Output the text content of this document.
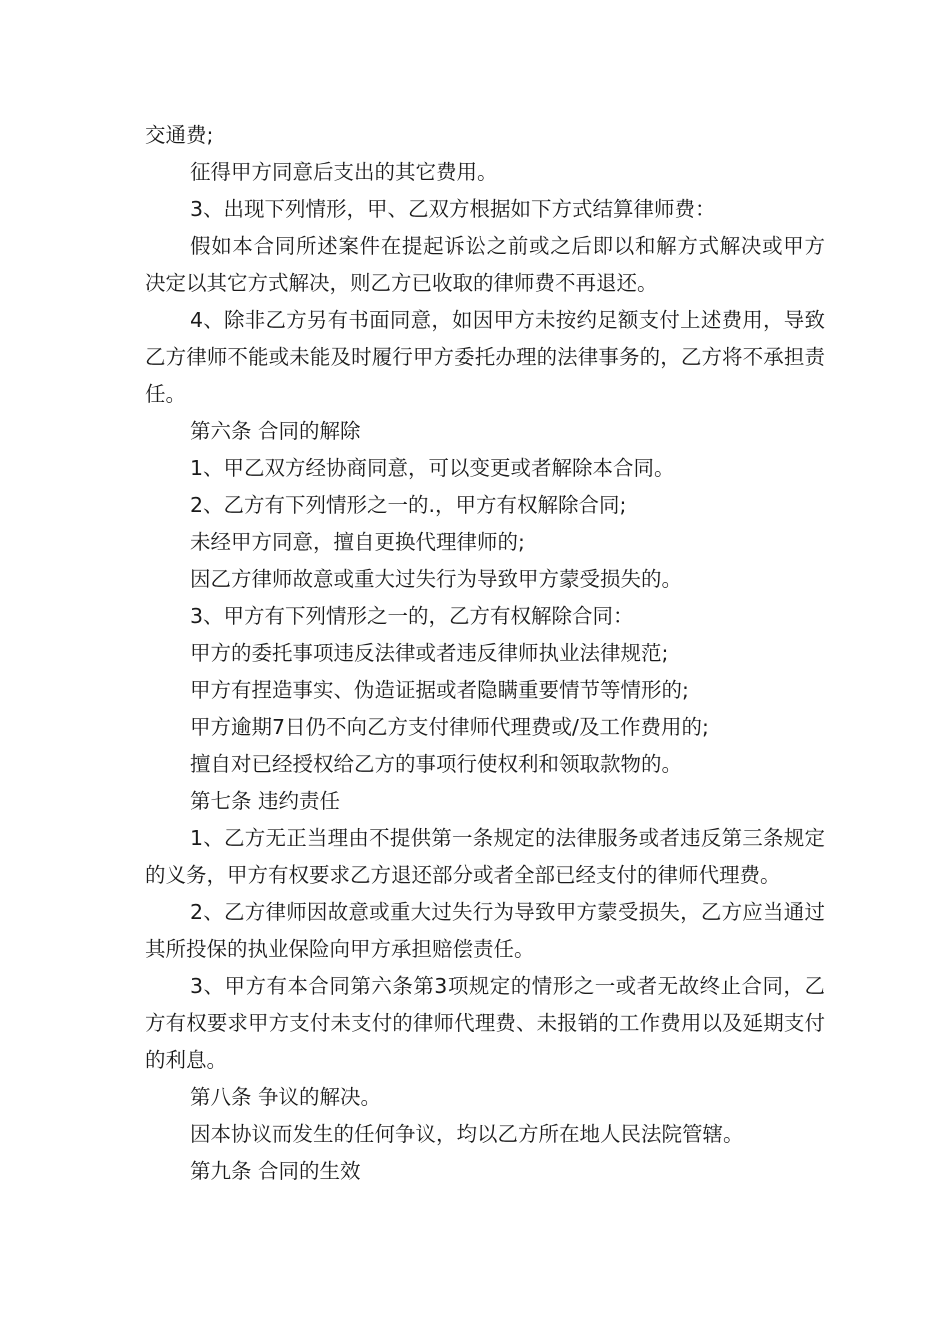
交通费;

征得甲方同意后支出的其它费用。

3、出现下列情形，甲、乙双方根据如下方式结算律师费：

假如本合同所述案件在提起诉讼之前或之后即以和解方式解决或甲方决定以其它方式解决，则乙方已收取的律师费不再退还。

4、除非乙方另有书面同意，如因甲方未按约足额支付上述费用，导致乙方律师不能或未能及时履行甲方委托办理的法律事务的，乙方将不承担责任。

第六条 合同的解除

1、甲乙双方经协商同意，可以变更或者解除本合同。

2、乙方有下列情形之一的.，甲方有权解除合同;

未经甲方同意，擅自更换代理律师的;

因乙方律师故意或重大过失行为导致甲方蒙受损失的。

3、甲方有下列情形之一的，乙方有权解除合同：

甲方的委托事项违反法律或者违反律师执业法律规范;

甲方有捏造事实、伪造证据或者隐瞒重要情节等情形的;

甲方逾期7日仍不向乙方支付律师代理费或/及工作费用的;

擅自对已经授权给乙方的事项行使权利和领取款物的。

第七条 违约责任

1、乙方无正当理由不提供第一条规定的法律服务或者违反第三条规定的义务，甲方有权要求乙方退还部分或者全部已经支付的律师代理费。

2、乙方律师因故意或重大过失行为导致甲方蒙受损失，乙方应当通过其所投保的执业保险向甲方承担赔偿责任。

3、甲方有本合同第六条第3项规定的情形之一或者无故终止合同，乙方有权要求甲方支付未支付的律师代理费、未报销的工作费用以及延期支付的利息。

第八条 争议的解决。

因本协议而发生的任何争议，均以乙方所在地人民法院管辖。

第九条 合同的生效
